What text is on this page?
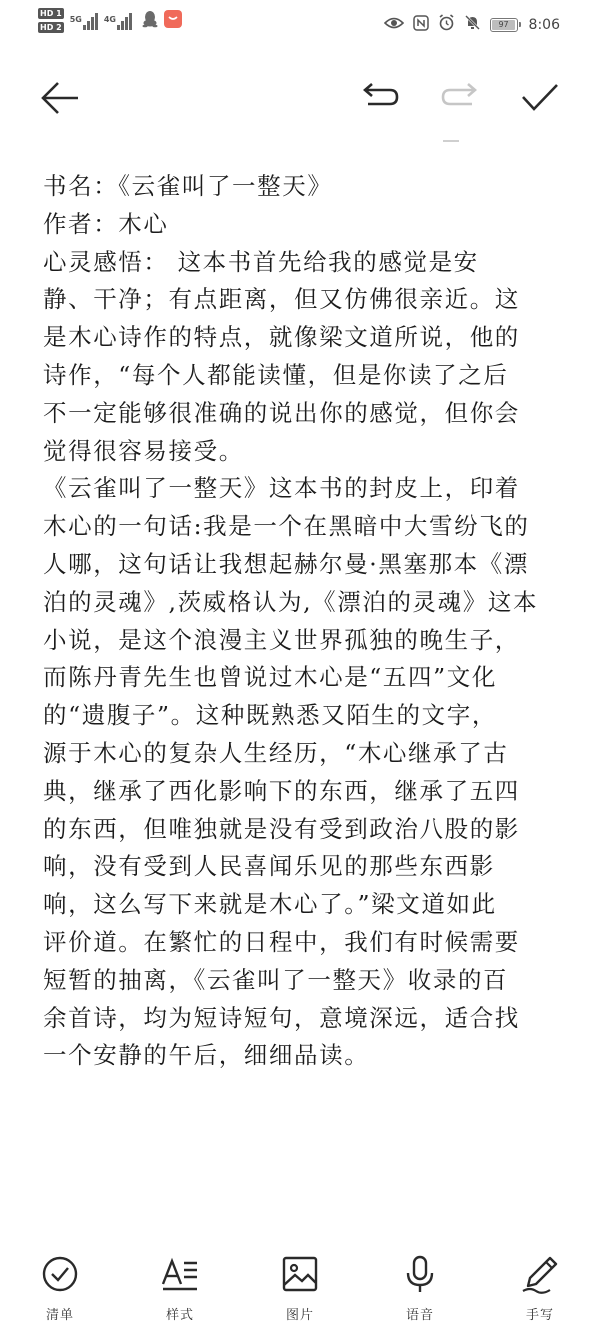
HD 1
HD 2
5G	4G
97	8:06
书名：《云雀叫了一整天》
作者：木心
心灵感悟： 这本书首先给我的感觉是安
静、干净；有点距离，但又仿佛很亲近。这
是木心诗作的特点，就像梁文道所说，他的
诗作，“每个人都能读懂，但是你读了之后
不一定能够很准确的说出你的感觉，但你会
觉得很容易接受。
《云雀叫了一整天》这本书的封皮上，印着
木心的一句话:我是一个在黑暗中大雪纷飞的
人哪，这句话让我想起赫尔曼·黑塞那本《漂
泊的灵魂》,茨威格认为,《漂泊的灵魂》这本
小说，是这个浪漫主义世界孤独的晚生子，
而陈丹青先生也曾说过木心是“五四”文化
的“遗腹子”。这种既熟悉又陌生的文字，
源于木心的复杂人生经历，“木心继承了古
典，继承了西化影响下的东西，继承了五四
的东西，但唯独就是没有受到政治八股的影
响，没有受到人民喜闻乐见的那些东西影
响，这么写下来就是木心了。”梁文道如此
评价道。在繁忙的日程中，我们有时候需要
短暂的抽离，《云雀叫了一整天》收录的百
余首诗，均为短诗短句，意境深远，适合找
一个安静的午后，细细品读。
清单	样式	图片	语音	手写
